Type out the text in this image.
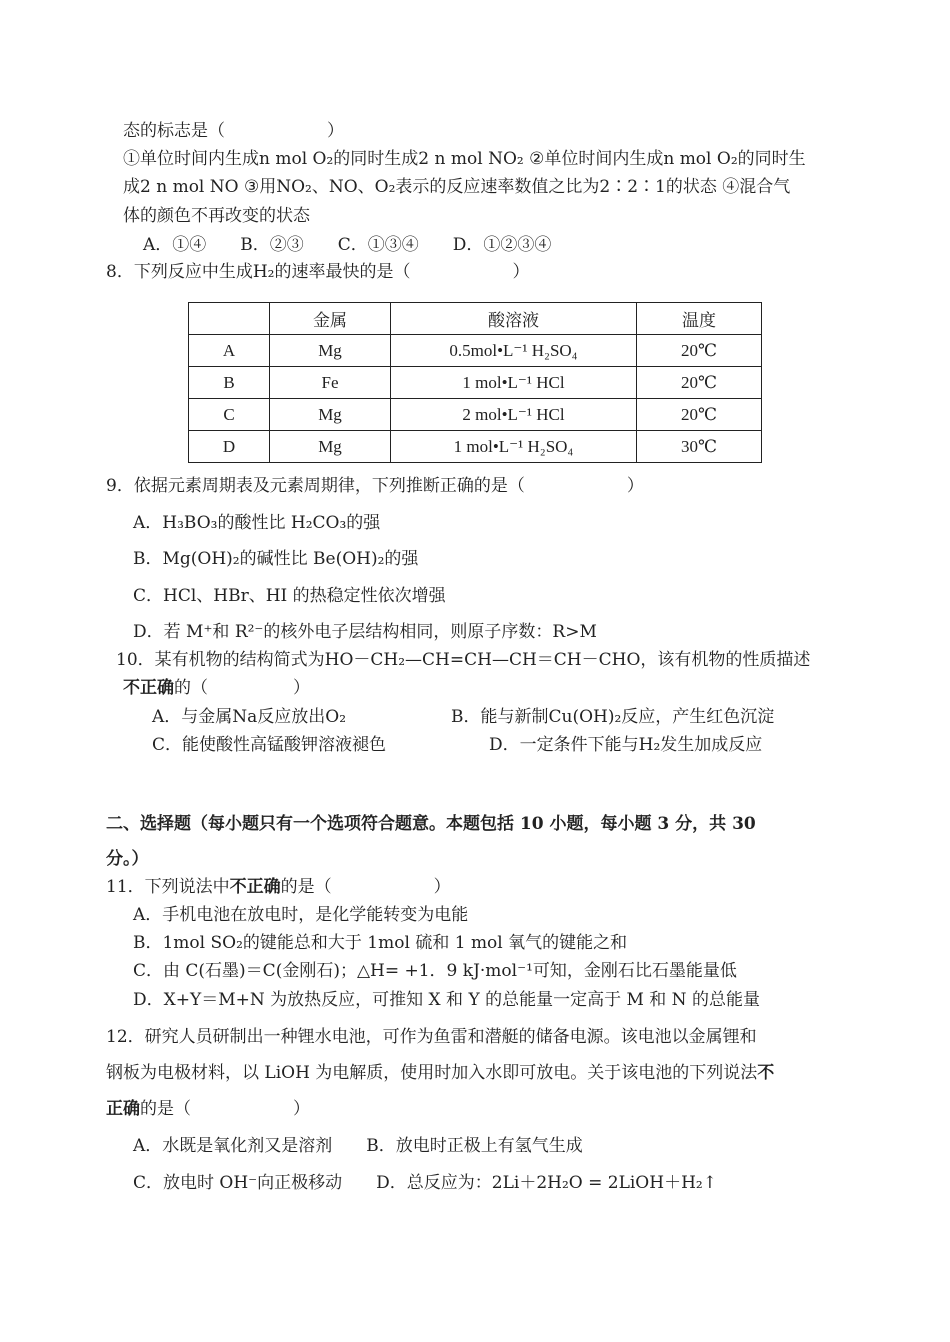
态的标志是（　　　　　　）
①单位时间内生成n mol O₂的同时生成2 n mol NO₂ ②单位时间内生成n mol O₂的同时生
成2 n mol NO ③用NO₂、NO、O₂表示的反应速率数值之比为2∶2∶1的状态 ④混合气
体的颜色不再改变的状态
A．①④　　B．②③　　C．①③④　　D．①②③④
8．下列反应中生成H₂的速率最快的是（　　　　　　）
	金属	酸溶液	温度
A	Mg	0.5mol•L⁻¹ H₂SO₄	20℃
B	Fe	1 mol•L⁻¹ HCl	20℃
C	Mg	2 mol•L⁻¹ HCl	20℃
D	Mg	1 mol•L⁻¹ H₂SO₄	30℃
9．依据元素周期表及元素周期律，下列推断正确的是（　　　　　　）
A．H₃BO₃的酸性比 H₂CO₃的强
B．Mg(OH)₂的碱性比 Be(OH)₂的强
C．HCl、HBr、HI 的热稳定性依次增强
D．若 M⁺和 R²⁻的核外电子层结构相同，则原子序数：R>M
10．某有机物的结构简式为HO－CH₂—CH=CH—CH＝CH－CHO，该有机物的性质描述
不正确的（　　　　　）
A．与金属Na反应放出O₂	B．能与新制Cu(OH)₂反应，产生红色沉淀
C．能使酸性高锰酸钾溶液褪色	D．一定条件下能与H₂发生加成反应
二、选择题（每小题只有一个选项符合题意。本题包括 10 小题，每小题 3 分，共 30
分。）
11．下列说法中不正确的是（　　　　　　）
A．手机电池在放电时，是化学能转变为电能
B．1mol SO₂的键能总和大于 1mol 硫和 1 mol 氧气的键能之和
C．由 C(石墨)＝C(金刚石)；△H= +1．9 kJ·mol⁻¹可知，金刚石比石墨能量低
D．X+Y＝M+N 为放热反应，可推知 X 和 Y 的总能量一定高于 M 和 N 的总能量
12．研究人员研制出一种锂水电池，可作为鱼雷和潜艇的储备电源。该电池以金属锂和
钢板为电极材料，以 LiOH 为电解质，使用时加入水即可放电。关于该电池的下列说法不
正确的是（　　　　　　）
A．水既是氧化剂又是溶剂　　B．放电时正极上有氢气生成
C．放电时 OH⁻向正极移动　　D．总反应为：2Li＋2H₂O = 2LiOH＋H₂↑
